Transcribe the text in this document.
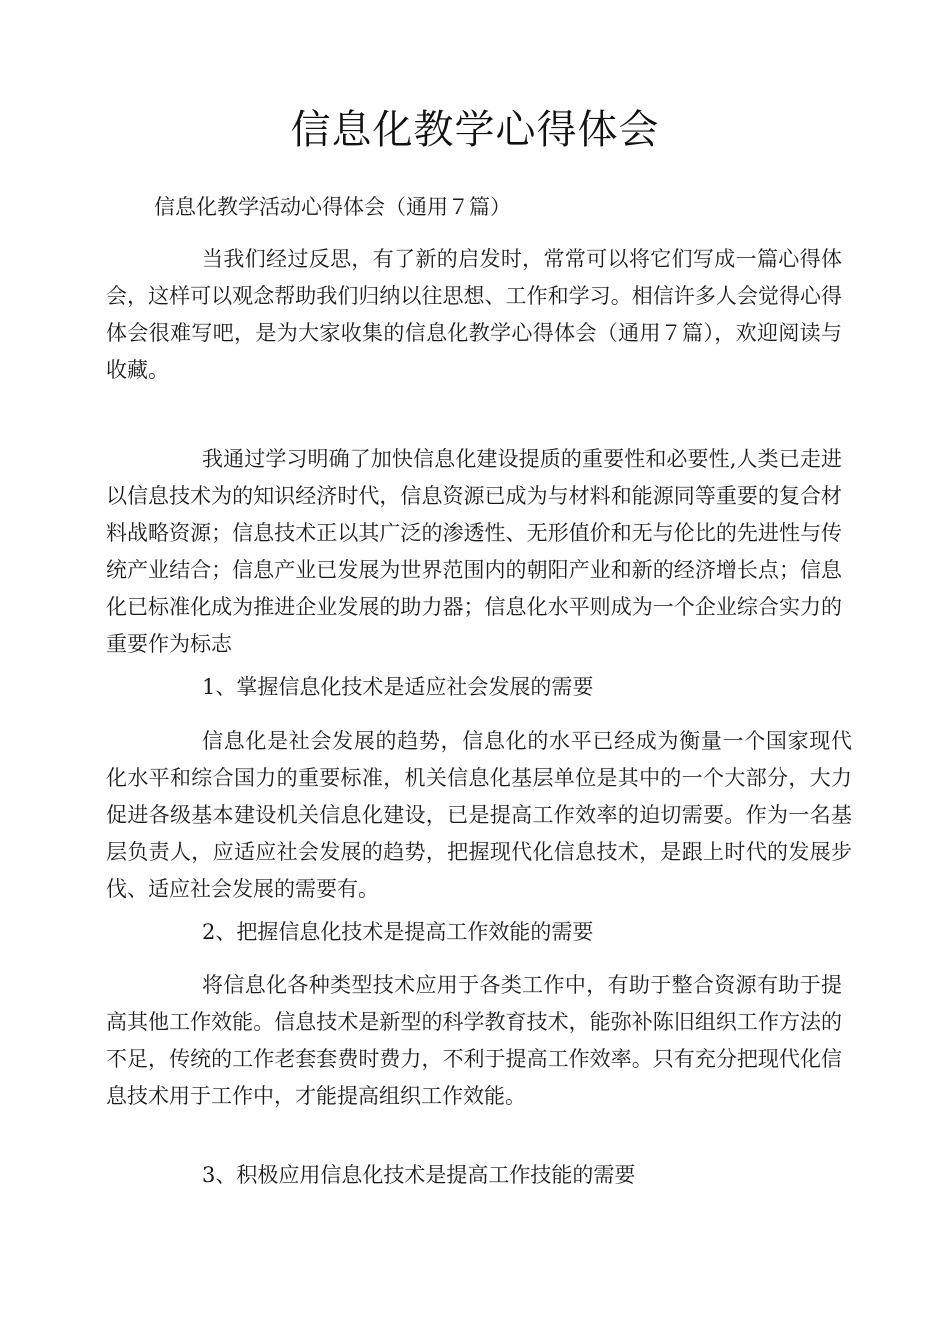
信息化教学心得体会
信息化教学活动心得体会（通用７篇）

当我们经过反思，有了新的启发时，常常可以将它们写成一篇心得体会，这样可以观念帮助我们归纳以往思想、工作和学习。相信许多人会觉得心得体会很难写吧，是为大家收集的信息化教学心得体会（通用７篇），欢迎阅读与收藏。

我通过学习明确了加快信息化建设提质的重要性和必要性,人类已走进以信息技术为的知识经济时代，信息资源已成为与材料和能源同等重要的复合材料战略资源；信息技术正以其广泛的渗透性、无形值价和无与伦比的先进性与传统产业结合；信息产业已发展为世界范围内的朝阳产业和新的经济增长点；信息化已标准化成为推进企业发展的助力器；信息化水平则成为一个企业综合实力的重要作为标志

1、掌握信息化技术是适应社会发展的需要

信息化是社会发展的趋势，信息化的水平已经成为衡量一个国家现代化水平和综合国力的重要标准，机关信息化基层单位是其中的一个大部分，大力促进各级基本建设机关信息化建设，已是提高工作效率的迫切需要。作为一名基层负责人，应适应社会发展的趋势，把握现代化信息技术，是跟上时代的发展步伐、适应社会发展的需要有。

2、把握信息化技术是提高工作效能的需要

将信息化各种类型技术应用于各类工作中，有助于整合资源有助于提高其他工作效能。信息技术是新型的科学教育技术，能弥补陈旧组织工作方法的不足，传统的工作老套套费时费力，不利于提高工作效率。只有充分把现代化信息技术用于工作中，才能提高组织工作效能。

3、积极应用信息化技术是提高工作技能的需要
